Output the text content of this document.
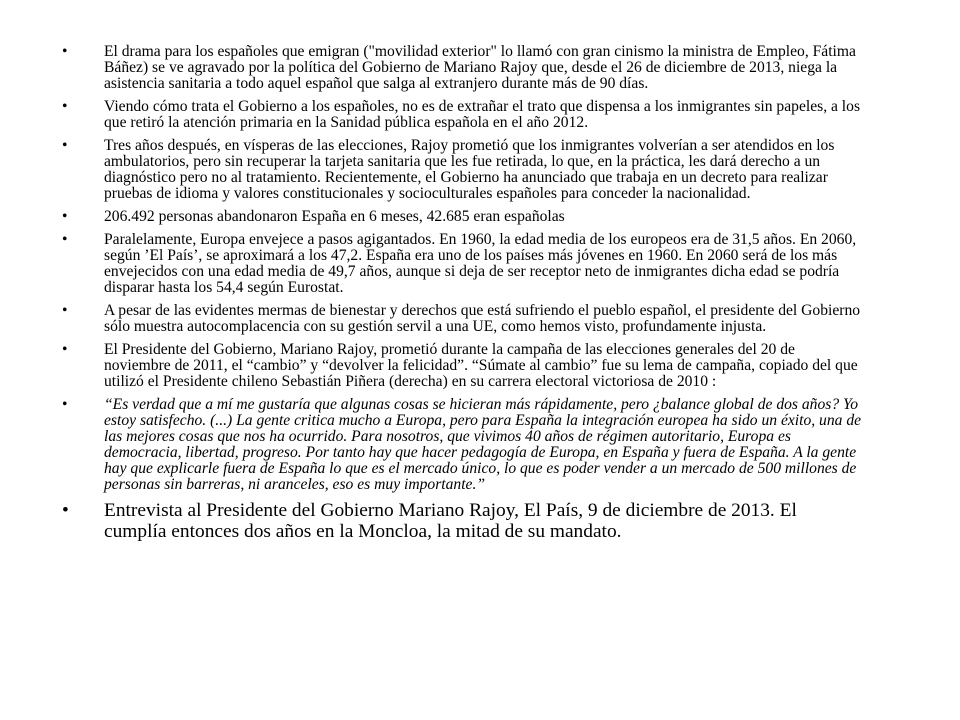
• El drama para los españoles que emigran ("movilidad exterior" lo llamó con gran cinismo la ministra de Empleo, Fátima Báñez) se ve agravado por la política del Gobierno de Mariano Rajoy que, desde el 26 de diciembre de 2013, niega la asistencia sanitaria a todo aquel español que salga al extranjero durante más de 90 días.
• Viendo cómo trata el Gobierno a los españoles, no es de extrañar el trato que dispensa a los inmigrantes sin papeles, a los que retiró la atención primaria en la Sanidad pública española en el año 2012.
• Tres años después, en vísperas de las elecciones, Rajoy prometió que los inmigrantes volverían a ser atendidos en los ambulatorios, pero sin recuperar la tarjeta sanitaria que les fue retirada, lo que, en la práctica, les dará derecho a un diagnóstico pero no al tratamiento. Recientemente, el Gobierno ha anunciado que trabaja en un decreto para realizar pruebas de idioma y valores constitucionales y socioculturales españoles para conceder la nacionalidad.
• 206.492 personas abandonaron España en 6 meses, 42.685 eran españolas
• Paralelamente, Europa envejece a pasos agigantados. En 1960, la edad media de los europeos era de 31,5 años. En 2060, según ’El País’, se aproximará a los 47,2. España era uno de los países más jóvenes en 1960. En 2060 será de los más envejecidos con una edad media de 49,7 años, aunque si deja de ser receptor neto de inmigrantes dicha edad se podría disparar hasta los 54,4 según Eurostat.
• A pesar de las evidentes mermas de bienestar y derechos que está sufriendo el pueblo español, el presidente del Gobierno sólo muestra autocomplacencia con su gestión servil a una UE, como hemos visto, profundamente injusta.
• El Presidente del Gobierno, Mariano Rajoy, prometió durante la campaña de las elecciones generales del 20 de noviembre de 2011, el “cambio” y “devolver la felicidad”. “Súmate al cambio” fue su lema de campaña, copiado del que utilizó el Presidente chileno Sebastián Piñera (derecha) en su carrera electoral victoriosa de 2010 :
• “Es verdad que a mí me gustaría que algunas cosas se hicieran más rápidamente, pero ¿balance global de dos años? Yo estoy satisfecho. (...) La gente critica mucho a Europa, pero para España la integración europea ha sido un éxito, una de las mejores cosas que nos ha ocurrido. Para nosotros, que vivimos 40 años de régimen autoritario, Europa es democracia, libertad, progreso. Por tanto hay que hacer pedagogía de Europa, en España y fuera de España. A la gente hay que explicarle fuera de España lo que es el mercado único, lo que es poder vender a un mercado de 500 millones de personas sin barreras, ni aranceles, eso es muy importante.”
• Entrevista al Presidente del Gobierno Mariano Rajoy, El País, 9 de diciembre de 2013. El cumplía entonces dos años en la Moncloa, la mitad de su mandato.
